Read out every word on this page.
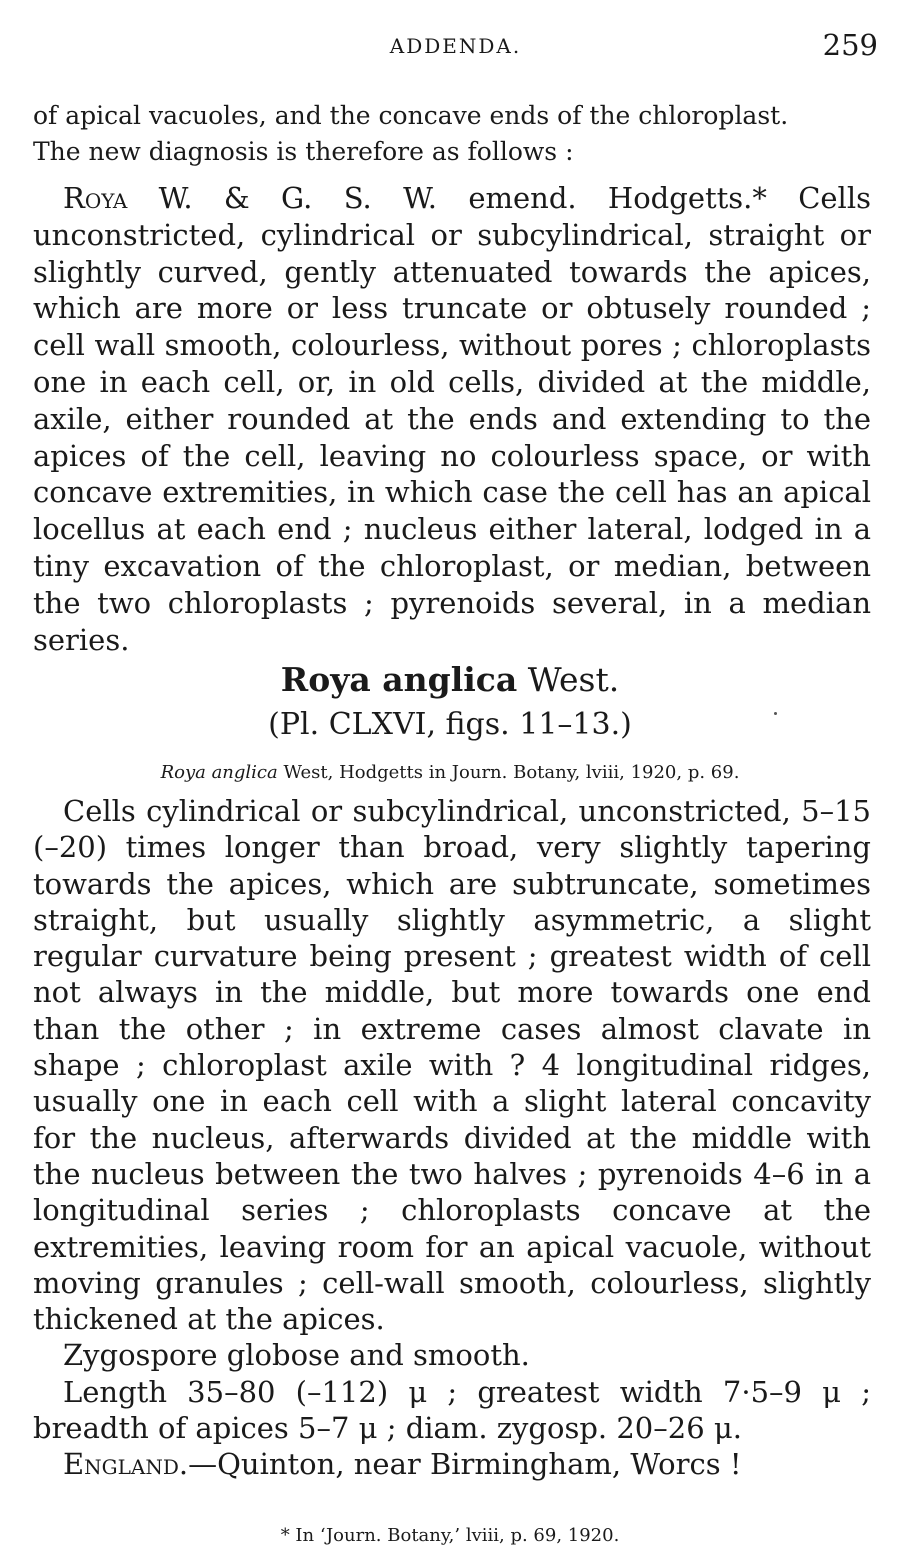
ADDENDA.	259
of apical vacuoles, and the concave ends of the chloroplast.
The new diagnosis is therefore as follows :

Roya W. & G. S. W. emend. Hodgetts.* Cells unconstricted, cylindrical or subcylindrical, straight or slightly curved, gently attenuated towards the apices, which are more or less truncate or obtusely rounded ; cell wall smooth, colourless, without pores ; chloroplasts one in each cell, or, in old cells, divided at the middle, axile, either rounded at the ends and extending to the apices of the cell, leaving no colourless space, or with concave extremities, in which case the cell has an apical locellus at each end ; nucleus either lateral, lodged in a tiny excavation of the chloroplast, or median, between the two chloroplasts ; pyrenoids several, in a median series.

Roya anglica West.
(Pl. CLXVI, figs. 11–13.)
Roya anglica West, Hodgetts in Journ. Botany, lviii, 1920, p. 69.

Cells cylindrical or subcylindrical, unconstricted, 5–15 (–20) times longer than broad, very slightly tapering towards the apices, which are subtruncate, sometimes straight, but usually slightly asymmetric, a slight regular curvature being present ; greatest width of cell not always in the middle, but more towards one end than the other ; in extreme cases almost clavate in shape ; chloroplast axile with ? 4 longitudinal ridges, usually one in each cell with a slight lateral concavity for the nucleus, afterwards divided at the middle with the nucleus between the two halves ; pyrenoids 4–6 in a longitudinal series ; chloroplasts concave at the extremities, leaving room for an apical vacuole, without moving granules ; cell-wall smooth, colourless, slightly thickened at the apices.

Zygospore globose and smooth.

Length 35–80 (–112) μ ; greatest width 7·5–9 μ ; breadth of apices 5–7 μ ; diam. zygosp. 20–26 μ.

England.—Quinton, near Birmingham, Worcs !

* In ‘Journ. Botany,’ lviii, p. 69, 1920.
